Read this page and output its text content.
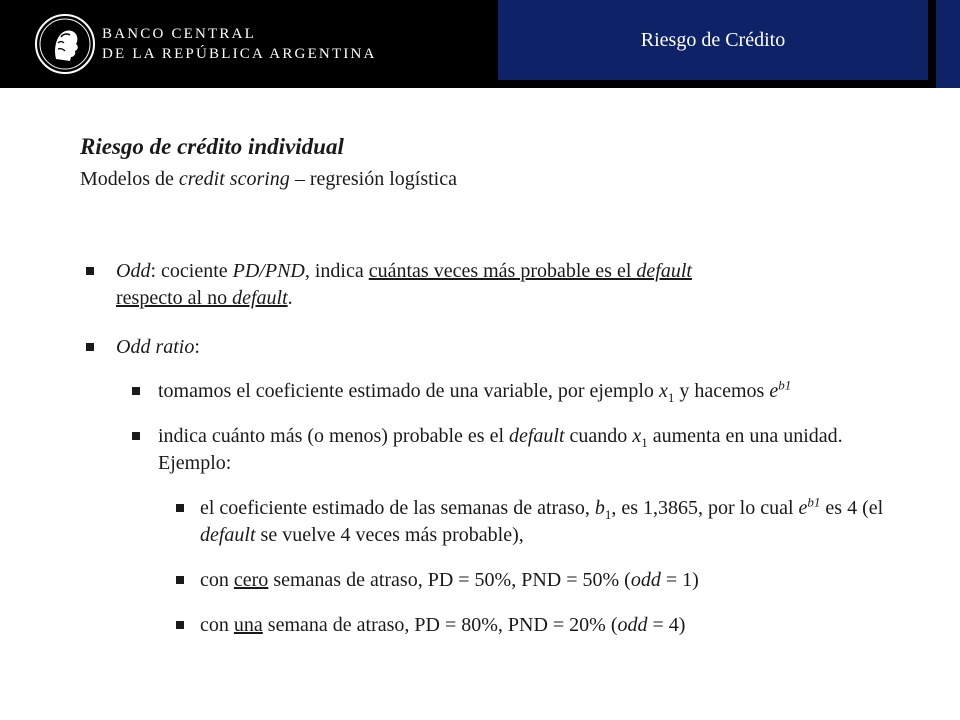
BANCO CENTRAL
DE LA REPÚBLICA ARGENTINA
Riesgo de Crédito

Riesgo de crédito individual

Modelos de credit scoring – regresión logística

Odd: cociente PD/PND, indica cuántas veces más probable es el default
respecto al no default.
Odd ratio:
tomamos el coeficiente estimado de una variable, por ejemplo $x_1$ y hacemos $e^{b1}$
indica cuánto más (o menos) probable es el default cuando $x_1$ aumenta en una unidad. Ejemplo:
el coeficiente estimado de las semanas de atraso, $b_1$, es 1,3865, por lo cual $e^{b1}$ es 4 (el default se vuelve 4 veces más probable),
con cero semanas de atraso, PD = 50%, PND = 50% (odd = 1)
con una semana de atraso, PD = 80%, PND = 20% (odd = 4)
